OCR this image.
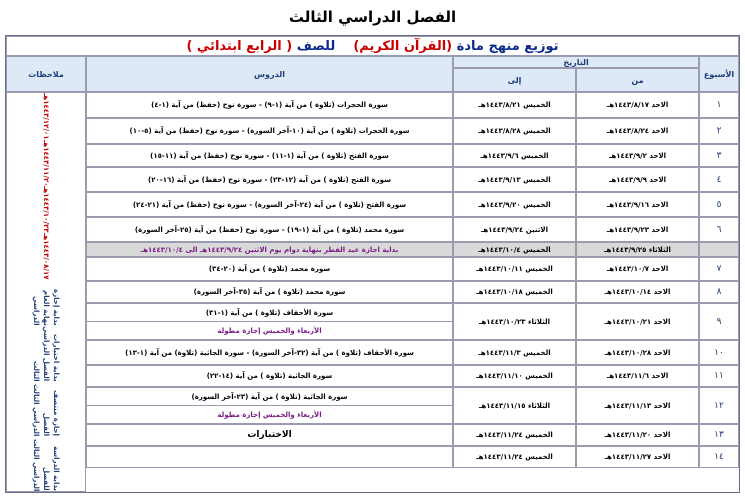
الفصل الدراسي الثالث
توزيع منهج مادة (القرآن الكريم)    للصف ( الرابع ابتدائي )
الأسبوع
التاريخ
من
إلى
الدروس
ملاحظات
بداية الدراسة للفصل الدراسي الثالث
إجازة منتصف الفصل الدراسي الثالث
بداية اختبارات الفصل الدراسي الثالث
بداية إجازة نهاية العام الدراسي
١٤٤٣/٠٨/١٧هـ
١٤٤٣/١٠/٢٣هـ
١٤٤٣/١١/٢٠هـ
١٤٤٣/١٢/٠١هـ	١
الاحد ١٤٤٣/٨/١٧هـ
الخميس ١٤٤٣/٨/٢١هـ
سورة الحجرات (تلاوة ) من آية (١-٩) - سورة نوح (حفظ) من آية (١-٤)
٢
الاحد ١٤٤٣/٨/٢٤هـ
الخميس ١٤٤٣/٨/٢٨هـ
سورة الحجرات (تلاوة ) من آية (١٠-آخر السورة) - سورة نوح (حفظ) من آية (٥-١٠)
٣
الاحد ١٤٤٣/٩/٢هـ
الخميس ١٤٤٣/٩/٦هـ
سورة الفتح (تلاوة ) من آية (١-١١) - سورة نوح (حفظ) من آية (١١-١٥)
٤
الاحد ١٤٤٣/٩/٩هـ
الخميس ١٤٤٣/٩/١٣هـ
سورة الفتح (تلاوة ) من آية (١٢-٢٣) - سورة نوح (حفظ) من آية (١٦-٢٠)
٥
الاحد ١٤٤٣/٩/١٦هـ
الخميس ١٤٤٣/٩/٢٠هـ
سورة الفتح (تلاوة ) من آية (٢٤-آخر السورة) - سورة نوح (حفظ) من آية (٢١-٢٤)
٦
الاحد ١٤٤٣/٩/٢٣هـ
الاثنين ١٤٤٣/٩/٢٤هـ
سورة محمد (تلاوة ) من آية (١-١٩) - سورة نوح (حفظ) من آية (٢٥-آخر السورة)
الثلاثاء ١٤٤٣/٩/٢٥هـ
الخميس ١٤٤٣/١٠/٤هـ
بداية اجازة عيد الفطر بنهاية دوام يوم الاثنين ١٤٤٣/٩/٢٤هـ الى ١٤٤٣/١٠/٤هـ
٧
الاحد ١٤٤٣/١٠/٧هـ
الخميس ١٤٤٣/١٠/١١هـ
سورة محمد (تلاوة ) من آية (٢٠-٣٤)
٨
الاحد ١٤٤٣/١٠/١٤هـ
الخميس ١٤٤٣/١٠/١٨هـ
سورة محمد (تلاوة ) من آية (٣٥-آخر السورة)
٩
الاحد ١٤٤٣/١٠/٢١هـ
الثلاثاء ١٤٤٣/١٠/٢٣هـ
سورة الأحقاف (تلاوة ) من آية (١-٣١)
الأربعاء والخميس إجازة مطولة
١٠
الاحد ١٤٤٣/١٠/٢٨هـ
الخميس ١٤٤٣/١١/٣هـ
سورة الأحقاف (تلاوة ) من آية (٣٢-آخر السورة) - سورة الجاثية (تلاوة) من آية (١-١٣)
١١
الاحد ١٤٤٣/١١/٦هـ
الخميس ١٤٤٣/١١/١٠هـ
سورة الجاثية (تلاوة ) من آية (١٤-٢٢)
١٢
الاحد ١٤٤٣/١١/١٣هـ
الثلاثاء ١٤٤٣/١١/١٥هـ
سورة الجاثية (تلاوة ) من آية (٢٣-آخر السورة)
الأربعاء والخميس إجازة مطولة
١٣
الاحد ١٤٤٣/١١/٢٠هـ
الخميس ١٤٤٣/١١/٢٤هـ
الاختبارات
١٤
الاحد ١٤٤٣/١١/٢٧هـ
الخميس ١٤٤٣/١١/٢٤هـ
